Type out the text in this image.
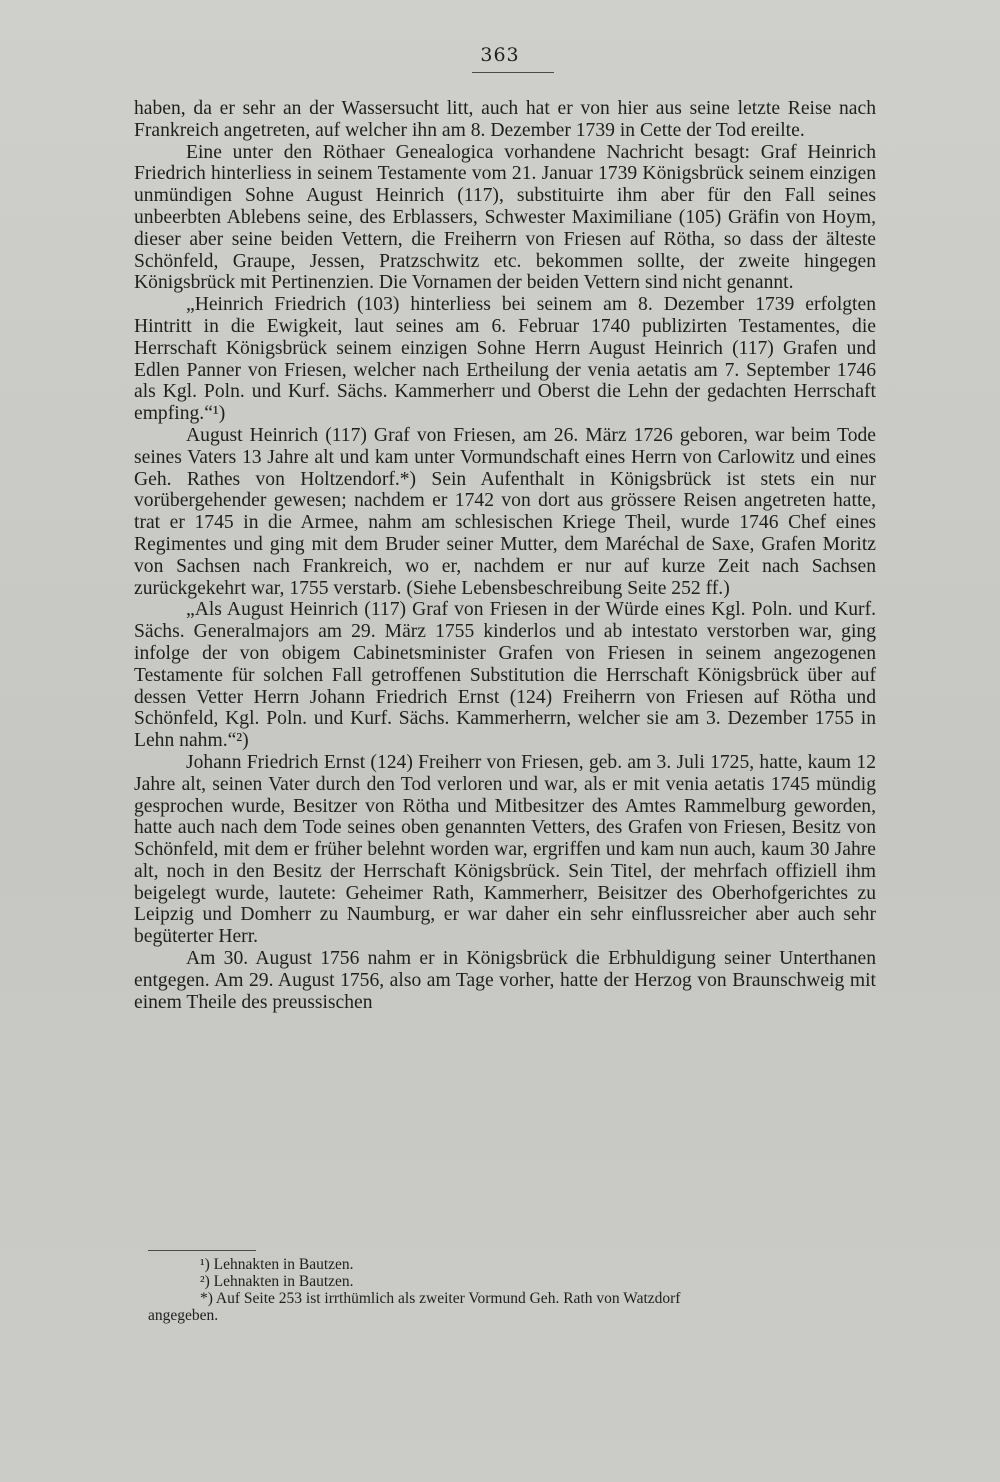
363

haben, da er sehr an der Wassersucht litt, auch hat er von hier aus seine letzte Reise nach Frankreich angetreten, auf welcher ihn am 8. Dezember 1739 in Cette der Tod ereilte.

Eine unter den Röthaer Genealogica vorhandene Nachricht besagt: Graf Heinrich Friedrich hinterliess in seinem Testamente vom 21. Januar 1739 Königsbrück seinem einzigen unmündigen Sohne August Heinrich (117), substituirte ihm aber für den Fall seines unbeerbten Ablebens seine, des Erblassers, Schwester Maximiliane (105) Gräfin von Hoym, dieser aber seine beiden Vettern, die Freiherrn von Friesen auf Rötha, so dass der älteste Schönfeld, Graupe, Jessen, Pratzschwitz etc. bekommen sollte, der zweite hingegen Königsbrück mit Pertinenzien. Die Vornamen der beiden Vettern sind nicht genannt.

„Heinrich Friedrich (103) hinterliess bei seinem am 8. Dezember 1739 erfolgten Hintritt in die Ewigkeit, laut seines am 6. Februar 1740 publizirten Testamentes, die Herrschaft Königsbrück seinem einzigen Sohne Herrn August Heinrich (117) Grafen und Edlen Panner von Friesen, welcher nach Ertheilung der venia aetatis am 7. September 1746 als Kgl. Poln. und Kurf. Sächs. Kammerherr und Oberst die Lehn der gedachten Herrschaft empfing.“¹)

August Heinrich (117) Graf von Friesen, am 26. März 1726 geboren, war beim Tode seines Vaters 13 Jahre alt und kam unter Vormundschaft eines Herrn von Carlowitz und eines Geh. Rathes von Holtzendorf.*) Sein Aufenthalt in Königsbrück ist stets ein nur vorübergehender gewesen; nachdem er 1742 von dort aus grössere Reisen angetreten hatte, trat er 1745 in die Armee, nahm am schlesischen Kriege Theil, wurde 1746 Chef eines Regimentes und ging mit dem Bruder seiner Mutter, dem Maréchal de Saxe, Grafen Moritz von Sachsen nach Frankreich, wo er, nachdem er nur auf kurze Zeit nach Sachsen zurückgekehrt war, 1755 verstarb. (Siehe Lebensbeschreibung Seite 252 ff.)

„Als August Heinrich (117) Graf von Friesen in der Würde eines Kgl. Poln. und Kurf. Sächs. Generalmajors am 29. März 1755 kinderlos und ab intestato verstorben war, ging infolge der von obigem Cabinetsminister Grafen von Friesen in seinem angezogenen Testamente für solchen Fall getroffenen Substitution die Herrschaft Königsbrück über auf dessen Vetter Herrn Johann Friedrich Ernst (124) Freiherrn von Friesen auf Rötha und Schönfeld, Kgl. Poln. und Kurf. Sächs. Kammerherrn, welcher sie am 3. Dezember 1755 in Lehn nahm.“²)

Johann Friedrich Ernst (124) Freiherr von Friesen, geb. am 3. Juli 1725, hatte, kaum 12 Jahre alt, seinen Vater durch den Tod verloren und war, als er mit venia aetatis 1745 mündig gesprochen wurde, Besitzer von Rötha und Mitbesitzer des Amtes Rammelburg geworden, hatte auch nach dem Tode seines oben genannten Vetters, des Grafen von Friesen, Besitz von Schönfeld, mit dem er früher belehnt worden war, ergriffen und kam nun auch, kaum 30 Jahre alt, noch in den Besitz der Herrschaft Königsbrück. Sein Titel, der mehrfach offiziell ihm beigelegt wurde, lautete: Geheimer Rath, Kammerherr, Beisitzer des Oberhofgerichtes zu Leipzig und Domherr zu Naumburg, er war daher ein sehr einflussreicher aber auch sehr begüterter Herr.

Am 30. August 1756 nahm er in Königsbrück die Erbhuldigung seiner Unterthanen entgegen. Am 29. August 1756, also am Tage vorher, hatte der Herzog von Braunschweig mit einem Theile des preussischen

¹) Lehnakten in Bautzen.

²) Lehnakten in Bautzen.

*) Auf Seite 253 ist irrthümlich als zweiter Vormund Geh. Rath von Watzdorf

angegeben.
